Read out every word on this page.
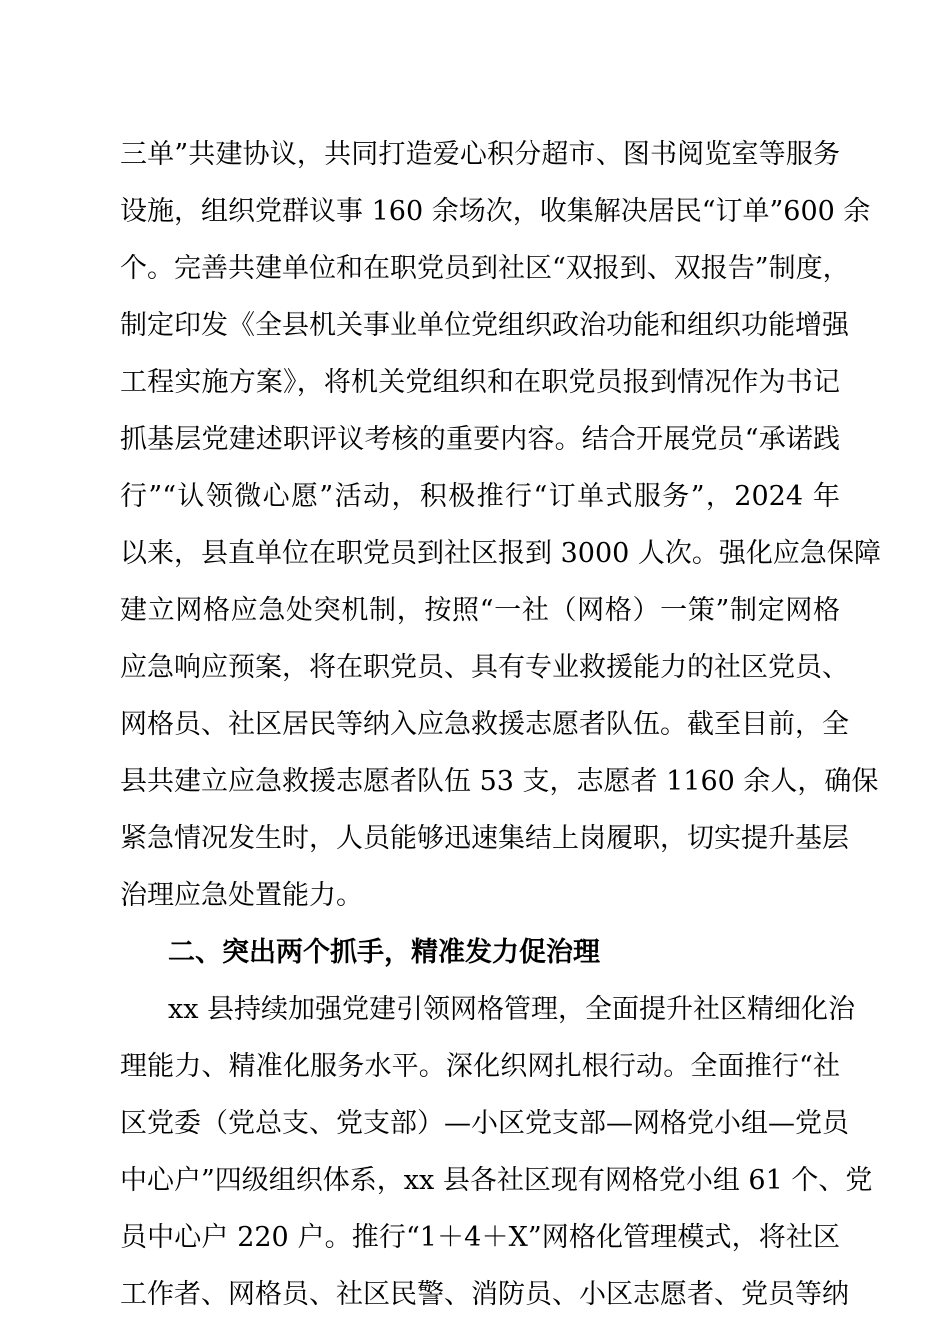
三单”共建协议，共同打造爱心积分超市、图书阅览室等服务
设施，组织党群议事 160 余场次，收集解决居民“订单”600 余
个。完善共建单位和在职党员到社区“双报到、双报告”制度，
制定印发《全县机关事业单位党组织政治功能和组织功能增强
工程实施方案》，将机关党组织和在职党员报到情况作为书记
抓基层党建述职评议考核的重要内容。结合开展党员“承诺践
行”“认领微心愿”活动，积极推行“订单式服务”，2024 年
以来，县直单位在职党员到社区报到 3000 人次。强化应急保障
建立网格应急处突机制，按照“一社（网格）一策”制定网格
应急响应预案，将在职党员、具有专业救援能力的社区党员、
网格员、社区居民等纳入应急救援志愿者队伍。截至目前，全
县共建立应急救援志愿者队伍 53 支，志愿者 1160 余人，确保
紧急情况发生时，人员能够迅速集结上岗履职，切实提升基层
治理应急处置能力。
二、突出两个抓手，精准发力促治理
xx 县持续加强党建引领网格管理，全面提升社区精细化治
理能力、精准化服务水平。深化织网扎根行动。全面推行“社
区党委（党总支、党支部）—小区党支部—网格党小组—党员
中心户”四级组织体系，xx 县各社区现有网格党小组 61 个、党
员中心户 220 户。推行“1＋4＋X”网格化管理模式，将社区
工作者、网格员、社区民警、消防员、小区志愿者、党员等纳
